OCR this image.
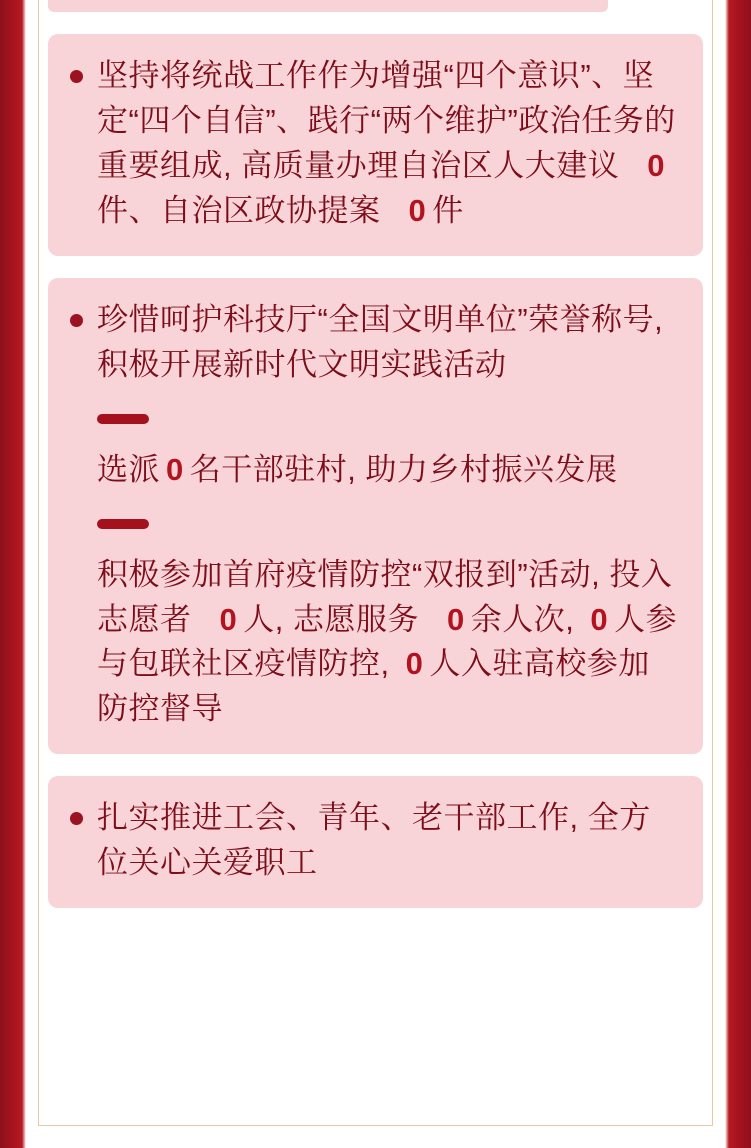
坚持将统战工作作为增强“四个意识”、坚定“四个自信”、践行“两个维护”政治任务的重要组成, 高质量办理自治区人大建议 0件、自治区政协提案 0 件
珍惜呵护科技厅“全国文明单位”荣誉称号, 积极开展新时代文明实践活动
选派 0 名干部驻村, 助力乡村振兴发展
积极参加首府疫情防控“双报到”活动, 投入志愿者 0 人, 志愿服务 0 余人次, 0 人参与包联社区疫情防控, 0 人入驻高校参加防控督导
扎实推进工会、青年、老干部工作, 全方位关心关爱职工
